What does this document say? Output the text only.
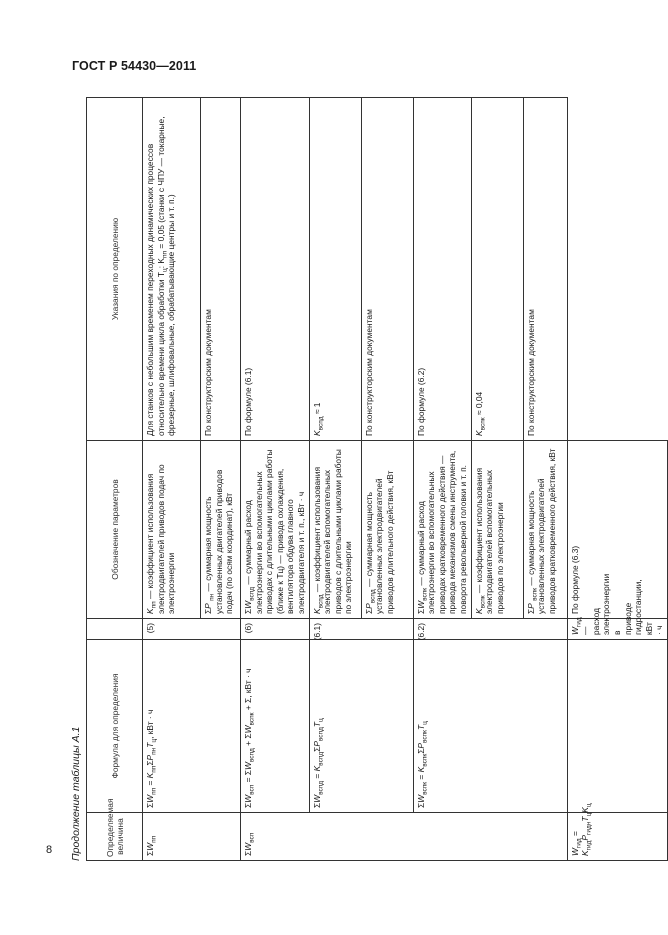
ГОСТ Р 54430—2011
8 Продолжение таблицы А.1	Определяемая величина	Формула для определения		Обозначение параметров	Указания по определению
$\Sigma W_{пп}$	$\Sigma W_{пп} = K_{пп}\Sigma P_{пн}T_ц$, кВт · ч	(5)	$K_{пп}$ — коэффициент использования электродвигателей приводов подач по электроэнергии	Для станков с небольшим временем переходных динамических процессов относительно времени цикла обработки $T_ц$: $K_{пп} = 0,05$ (станки с ЧПУ — токарные, фрезерные, шлифовальные, обрабатывающие центры и т. п.)
			ΣP $_{пн}$ — суммарная мощность установленных двигателей приводов подач (по осям координат), кВт	По конструкторским документам
$\Sigma W_{всп}$	$\Sigma W_{всп} = \Sigma W_{вспд} + \Sigma W_{вспк} + \Sigma$, кВт · ч	(6)	$\Sigma W_{вспд}$ — суммарный расход электроэнергии во вспомогательных приводах с длительными циклами работы (ближе к Tц) — привода охлаждения, вентилятора обдува главного электродвигателя и т. п., кВт · ч	По формуле (6.1)
	$\Sigma W_{вспд} = K_{вспд}\Sigma P_{вспд}T_ц$	(6.1)	$K_{вспд}$ — коэффициент использования электродвигателей вспомогательных приводов с длительными циклами работы по электроэнергии	$K_{вспд} \approx 1$
			$\Sigma P_{вспд}$ — суммарная мощность установленных электродвигателей приводов длительного действия, кВт	По конструкторским документам
	$\Sigma W_{вспк} = K_{вспк}\Sigma P_{вспк}T_ц$	(6.2)	$\Sigma W_{вспк}$ — суммарный расход электроэнергии во вспомогательных приводах кратковременного действия — привода механизмов смены инструмента, поворота револьверной головки и т. п.	По формуле (6.2)
			$K_{вспк}$ — коэффициент использования электродвигателей вспомогательных приводов по электроэнергии	$K_{вспк} \approx 0,04$
			ΣP $_{вспк}$ — суммарная мощность установленных электродвигателей приводов кратковременного действия, кВт	По конструкторским документам
$W_{гид} = K_{гид}P_{гидн}T_цK_ц$		$W_{гид}$ — расход электроэнергии в приводе гидростанции, кВт · ч	По формуле (6.3)	
